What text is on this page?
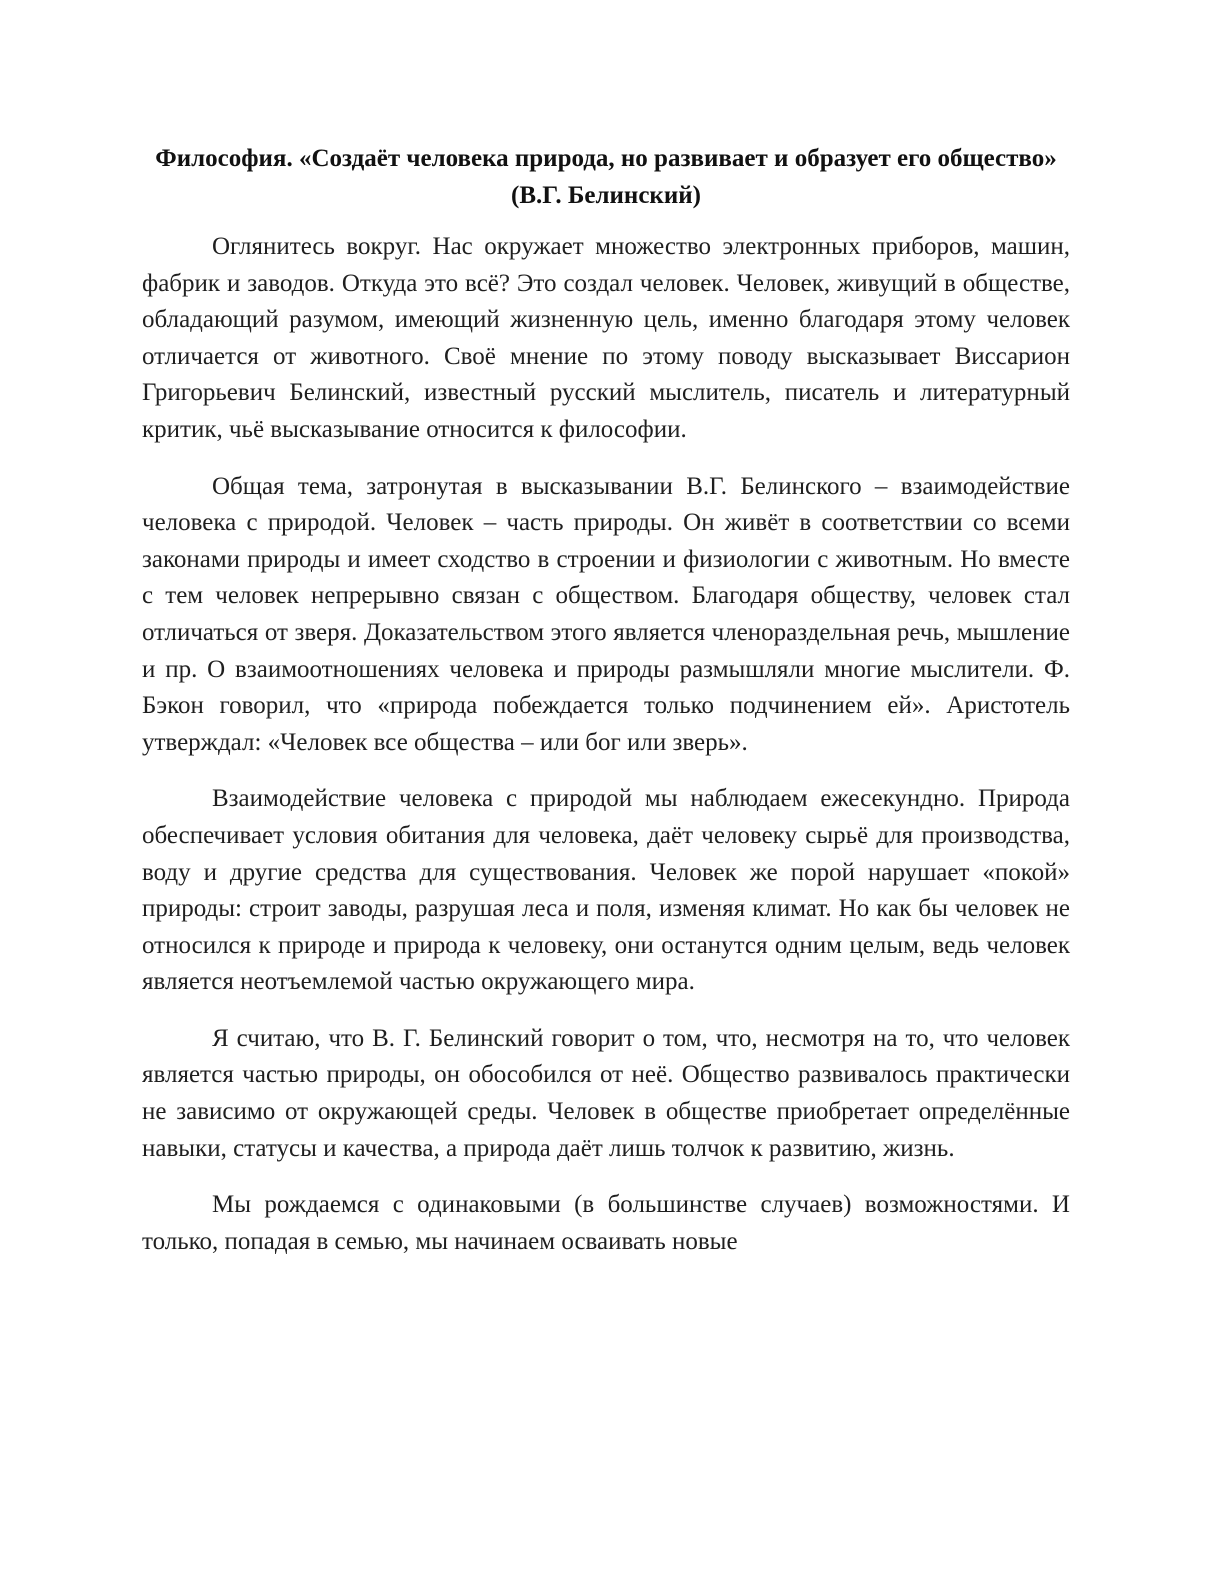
Философия. «Создаёт человека природа, но развивает и образует его общество» (В.Г. Белинский)

Оглянитесь вокруг. Нас окружает множество электронных приборов, машин, фабрик и заводов. Откуда это всё? Это создал человек. Человек, живущий в обществе, обладающий разумом, имеющий жизненную цель, именно благодаря этому человек отличается от животного. Своё мнение по этому поводу высказывает Виссарион Григорьевич Белинский, известный русский мыслитель, писатель и литературный критик, чьё высказывание относится к философии.

Общая тема, затронутая в высказывании В.Г. Белинского – взаимодействие человека с природой. Человек – часть природы. Он живёт в соответствии со всеми законами природы и имеет сходство в строении и физиологии с животным. Но вместе с тем человек непрерывно связан с обществом. Благодаря обществу, человек стал отличаться от зверя. Доказательством этого является членораздельная речь, мышление и пр. О взаимоотношениях человека и природы размышляли многие мыслители. Ф. Бэкон говорил, что «природа побеждается только подчинением ей». Аристотель утверждал: «Человек все общества – или бог или зверь».

Взаимодействие человека с природой мы наблюдаем ежесекундно. Природа обеспечивает условия обитания для человека, даёт человеку сырьё для производства, воду и другие средства для существования. Человек же порой нарушает «покой» природы: строит заводы, разрушая леса и поля, изменяя климат. Но как бы человек не относился к природе и природа к человеку, они останутся одним целым, ведь человек является неотъемлемой частью окружающего мира.

Я считаю, что В. Г. Белинский говорит о том, что, несмотря на то, что человек является частью природы, он обособился от неё. Общество развивалось практически не зависимо от окружающей среды. Человек в обществе приобретает определённые навыки, статусы и качества, а природа даёт лишь толчок к развитию, жизнь.

Мы рождаемся с одинаковыми (в большинстве случаев) возможностями. И только, попадая в семью, мы начинаем осваивать новые
